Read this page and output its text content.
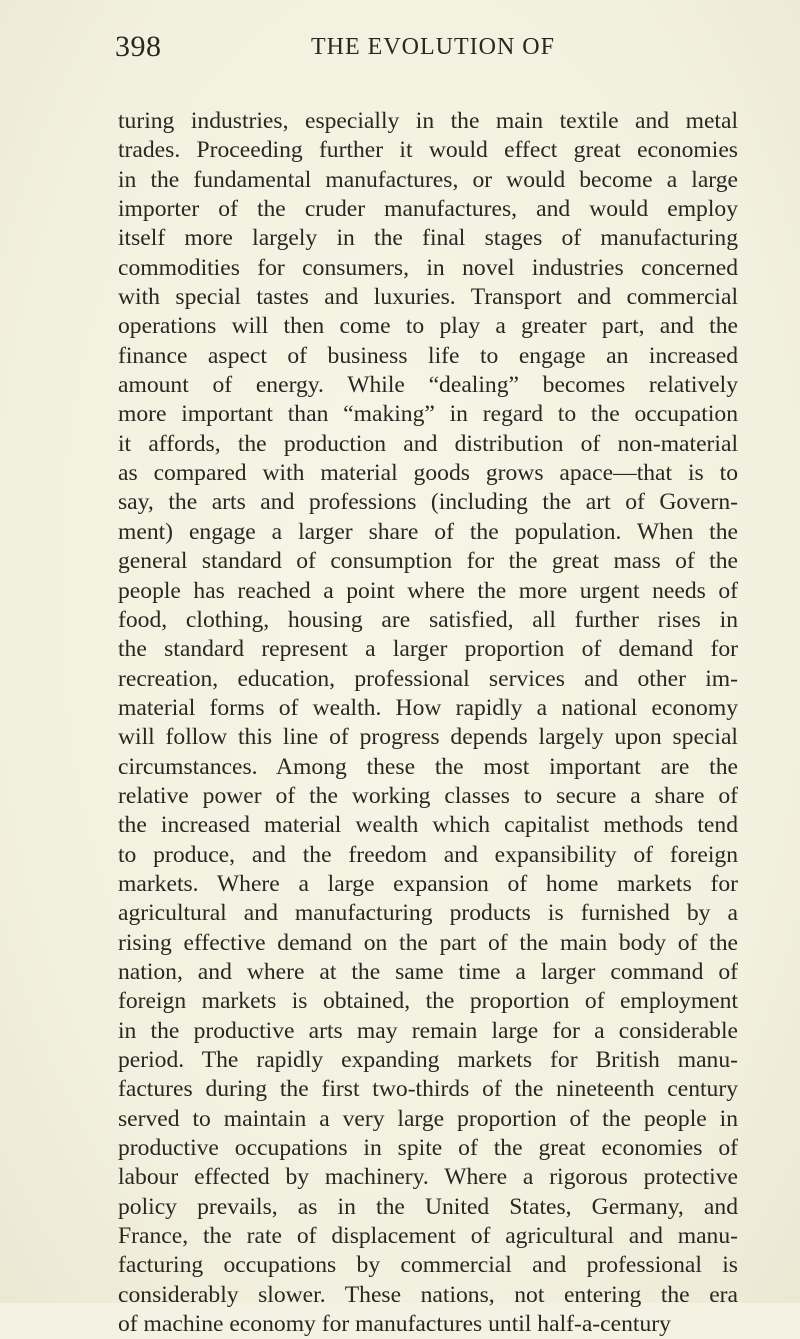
398	THE EVOLUTION OF
turing industries, especially in the main textile and metal
trades. Proceeding further it would effect great economies
in the fundamental manufactures, or would become a large
importer of the cruder manufactures, and would employ
itself more largely in the final stages of manufacturing
commodities for consumers, in novel industries concerned
with special tastes and luxuries. Transport and commercial
operations will then come to play a greater part, and the
finance aspect of business life to engage an increased
amount of energy. While “dealing” becomes relatively
more important than “making” in regard to the occupation
it affords, the production and distribution of non-material
as compared with material goods grows apace—that is to
say, the arts and professions (including the art of Govern-
ment) engage a larger share of the population. When the
general standard of consumption for the great mass of the
people has reached a point where the more urgent needs of
food, clothing, housing are satisfied, all further rises in
the standard represent a larger proportion of demand for
recreation, education, professional services and other im-
material forms of wealth. How rapidly a national economy
will follow this line of progress depends largely upon special
circumstances. Among these the most important are the
relative power of the working classes to secure a share of
the increased material wealth which capitalist methods tend
to produce, and the freedom and expansibility of foreign
markets. Where a large expansion of home markets for
agricultural and manufacturing products is furnished by a
rising effective demand on the part of the main body of the
nation, and where at the same time a larger command of
foreign markets is obtained, the proportion of employment
in the productive arts may remain large for a considerable
period. The rapidly expanding markets for British manu-
factures during the first two-thirds of the nineteenth century
served to maintain a very large proportion of the people in
productive occupations in spite of the great economies of
labour effected by machinery. Where a rigorous protective
policy prevails, as in the United States, Germany, and
France, the rate of displacement of agricultural and manu-
facturing occupations by commercial and professional is
considerably slower. These nations, not entering the era
of machine economy for manufactures until half-a-century
